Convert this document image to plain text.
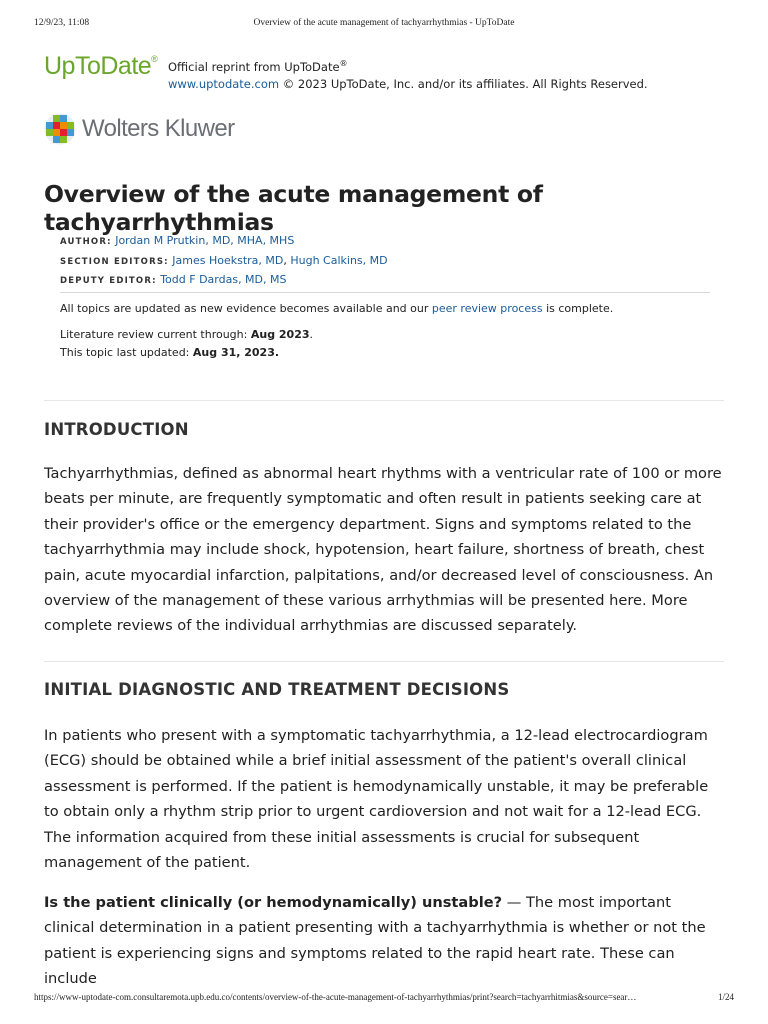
12/9/23, 11:08	Overview of the acute management of tachyarrhythmias - UpToDate
UpToDate®
Official reprint from UpToDate®
www.uptodate.com © 2023 UpToDate, Inc. and/or its affiliates. All Rights Reserved.
Wolters Kluwer
Overview of the acute management of tachyarrhythmias
AUTHOR: Jordan M Prutkin, MD, MHA, MHS
SECTION EDITORS: James Hoekstra, MD, Hugh Calkins, MD
DEPUTY EDITOR: Todd F Dardas, MD, MS
All topics are updated as new evidence becomes available and our peer review process is complete.
Literature review current through: Aug 2023.
This topic last updated: Aug 31, 2023.
INTRODUCTION

Tachyarrhythmias, defined as abnormal heart rhythms with a ventricular rate of 100 or more beats per minute, are frequently symptomatic and often result in patients seeking care at their provider's office or the emergency department. Signs and symptoms related to the tachyarrhythmia may include shock, hypotension, heart failure, shortness of breath, chest pain, acute myocardial infarction, palpitations, and/or decreased level of consciousness. An overview of the management of these various arrhythmias will be presented here. More complete reviews of the individual arrhythmias are discussed separately.

INITIAL DIAGNOSTIC AND TREATMENT DECISIONS

In patients who present with a symptomatic tachyarrhythmia, a 12-lead electrocardiogram (ECG) should be obtained while a brief initial assessment of the patient's overall clinical assessment is performed. If the patient is hemodynamically unstable, it may be preferable to obtain only a rhythm strip prior to urgent cardioversion and not wait for a 12-lead ECG. The information acquired from these initial assessments is crucial for subsequent management of the patient.

Is the patient clinically (or hemodynamically) unstable? — The most important clinical determination in a patient presenting with a tachyarrhythmia is whether or not the patient is experiencing signs and symptoms related to the rapid heart rate. These can include

https://www-uptodate-com.consultaremota.upb.edu.co/contents/overview-of-the-acute-management-of-tachyarrhythmias/print?search=tachyarrhitmias&source=sear…	1/24
